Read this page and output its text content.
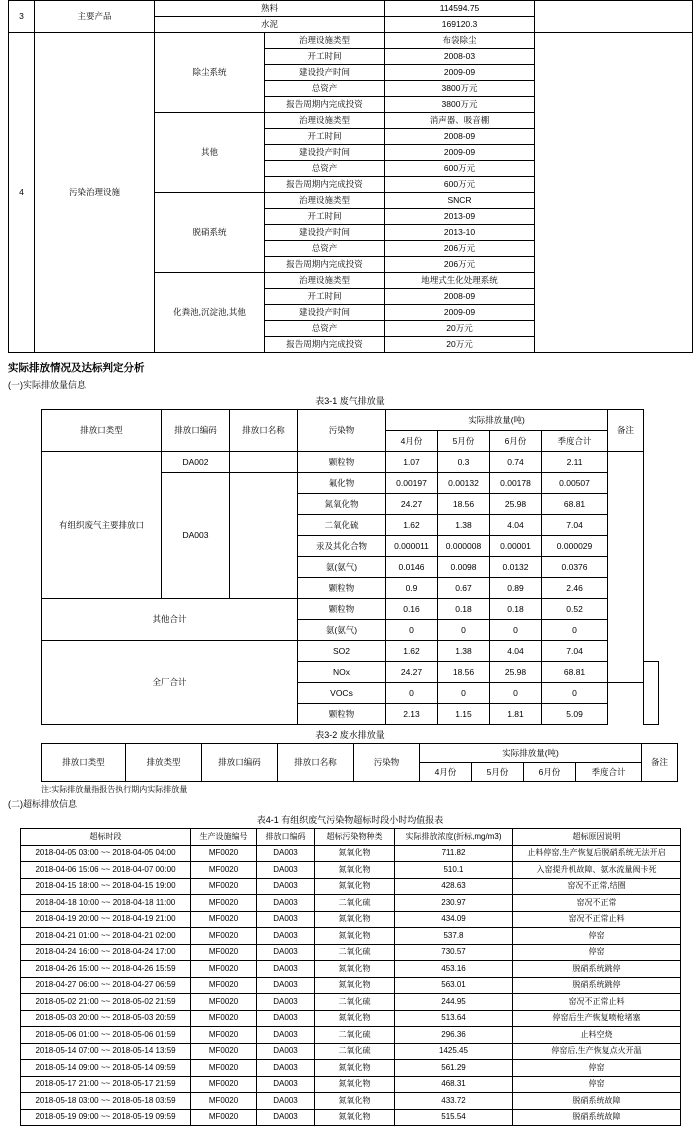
3	主要产品	熟料		114594.75	
		水泥		169120.3	
4	污染治理设施	除尘系统	治理设施类型	布袋除尘	
			开工时间	2008-03	
			建设投产时间	2009-09	
			总资产	3800万元	
			报告周期内完成投资	3800万元	
		其他	治理设施类型	消声器、吸音棚	
			开工时间	2008-09	
			建设投产时间	2009-09	
			总资产	600万元	
			报告周期内完成投资	600万元	
		脱硝系统	治理设施类型	SNCR	
			开工时间	2013-09	
			建设投产时间	2013-10	
			总资产	206万元	
			报告周期内完成投资	206万元	
		化粪池,沉淀池,其他	治理设施类型	地埋式生化处理系统	
			开工时间	2008-09	
			建设投产时间	2009-09	
			总资产	20万元	
			报告周期内完成投资	20万元	
实际排放情况及达标判定分析
(一)实际排放量信息
表3-1 废气排放量
排放口类型	排放口编码	排放口名称	污染物	实际排放量(吨)				备注	
				4月份	5月份	6月份	季度合计		
有组织废气主要排放口	DA002		颗粒物	1.07	0.3	0.74	2.11		
	DA003		氟化物	0.00197	0.00132	0.00178	0.00507		
			氮氧化物	24.27	18.56	25.98	68.81		
			二氧化硫	1.62	1.38	4.04	7.04		
			汞及其化合物	0.000011	0.000008	0.00001	0.000029		
			氨(氨气)	0.0146	0.0098	0.0132	0.0376		
			颗粒物	0.9	0.67	0.89	2.46		
其他合计			颗粒物	0.16	0.18	0.18	0.52		
			氨(氨气)	0	0	0	0		
全厂合计			SO2	1.62	1.38	4.04	7.04		
			NOx	24.27	18.56	25.98	68.81		
			VOCs	0	0	0	0		
			颗粒物	2.13	1.15	1.81	5.09		
表3-2 废水排放量
排放口类型	排放类型	排放口编码	排放口名称	污染物	实际排放量(吨)				备注
					4月份	5月份	6月份	季度合计	
注:实际排放量指报告执行期内实际排放量
(二)超标排放信息
表4-1 有组织废气污染物超标时段小时均值报表
超标时段	生产设施编号	排放口编码	超标污染物种类	实际排放浓度(折标,mg/m3)	超标原因说明
2018-04-05 03:00 ~~ 2018-04-05 04:00	MF0020	DA003	氮氧化物	711.82	止料停窑,生产恢复后脱硝系统无法开启
2018-04-06 15:06 ~~ 2018-04-07 00:00	MF0020	DA003	氮氧化物	510.1	入窑提升机故障、氨水流量阀卡死
2018-04-15 18:00 ~~ 2018-04-15 19:00	MF0020	DA003	氮氧化物	428.63	窑况不正常,结圈
2018-04-18 10:00 ~~ 2018-04-18 11:00	MF0020	DA003	二氧化硫	230.97	窑况不正常
2018-04-19 20:00 ~~ 2018-04-19 21:00	MF0020	DA003	氮氧化物	434.09	窑况不正常止料
2018-04-21 01:00 ~~ 2018-04-21 02:00	MF0020	DA003	氮氧化物	537.8	停窑
2018-04-24 16:00 ~~ 2018-04-24 17:00	MF0020	DA003	二氧化硫	730.57	停窑
2018-04-26 15:00 ~~ 2018-04-26 15:59	MF0020	DA003	氮氧化物	453.16	脱硝系统跳停
2018-04-27 06:00 ~~ 2018-04-27 06:59	MF0020	DA003	氮氧化物	563.01	脱硝系统跳停
2018-05-02 21:00 ~~ 2018-05-02 21:59	MF0020	DA003	二氧化硫	244.95	窑况不正常止料
2018-05-03 20:00 ~~ 2018-05-03 20:59	MF0020	DA003	氮氧化物	513.64	停窑后生产恢复喷枪堵塞
2018-05-06 01:00 ~~ 2018-05-06 01:59	MF0020	DA003	二氧化硫	296.36	止料空烧
2018-05-14 07:00 ~~ 2018-05-14 13:59	MF0020	DA003	二氧化硫	1425.45	停窑后,生产恢复点火开温
2018-05-14 09:00 ~~ 2018-05-14 09:59	MF0020	DA003	氮氧化物	561.29	停窑
2018-05-17 21:00 ~~ 2018-05-17 21:59	MF0020	DA003	氮氧化物	468.31	停窑
2018-05-18 03:00 ~~ 2018-05-18 03:59	MF0020	DA003	氮氧化物	433.72	脱硝系统故障
2018-05-19 09:00 ~~ 2018-05-19 09:59	MF0020	DA003	氮氧化物	515.54	脱硝系统故障
